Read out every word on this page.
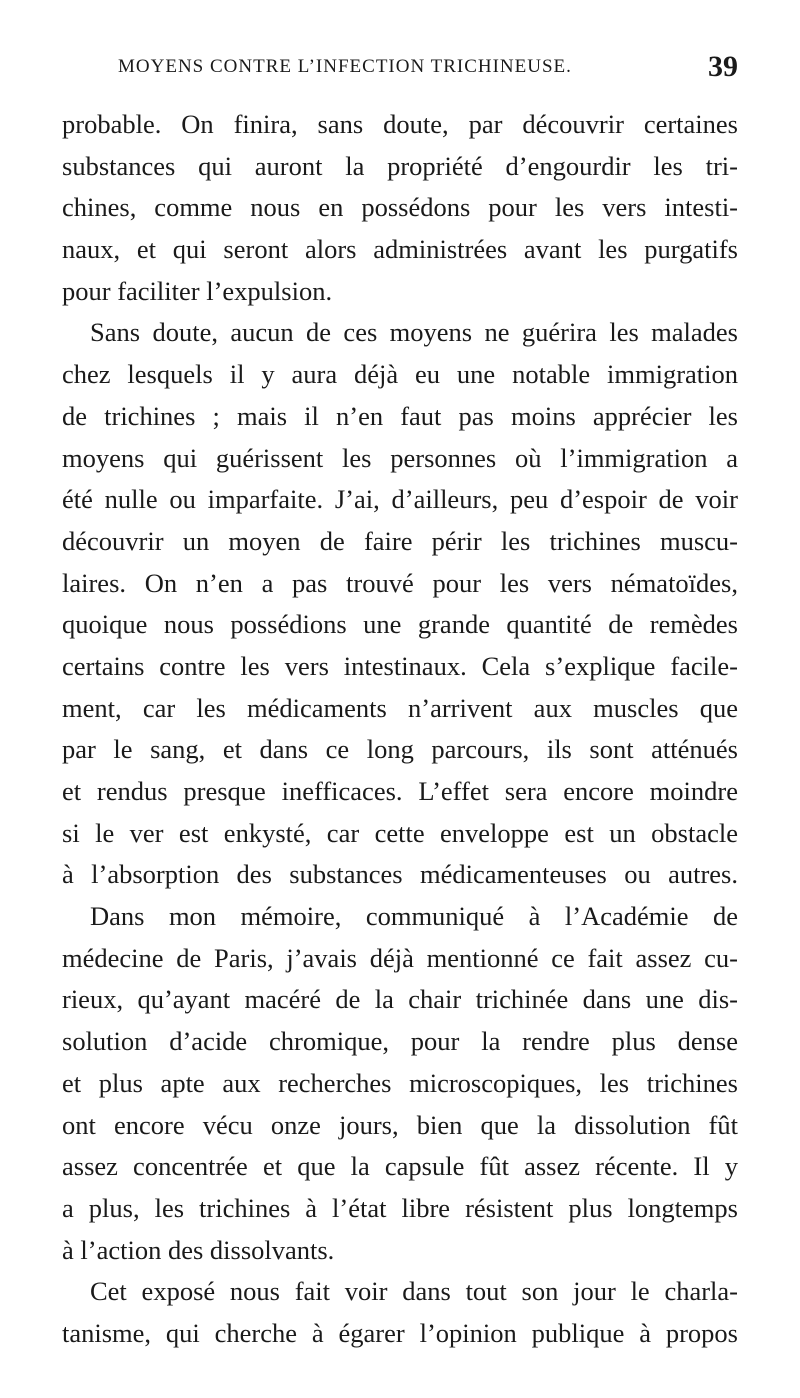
MOYENS CONTRE L’INFECTION TRICHINEUSE.	39
probable. On finira, sans doute, par découvrir certaines
substances qui auront la propriété d’engourdir les tri-
chines, comme nous en possédons pour les vers intesti-
naux, et qui seront alors administrées avant les purgatifs
pour faciliter l’expulsion.
Sans doute, aucun de ces moyens ne guérira les malades
chez lesquels il y aura déjà eu une notable immigration
de trichines ; mais il n’en faut pas moins apprécier les
moyens qui guérissent les personnes où l’immigration a
été nulle ou imparfaite. J’ai, d’ailleurs, peu d’espoir de voir
découvrir un moyen de faire périr les trichines muscu-
laires. On n’en a pas trouvé pour les vers nématoïdes,
quoique nous possédions une grande quantité de remèdes
certains contre les vers intestinaux. Cela s’explique facile-
ment, car les médicaments n’arrivent aux muscles que
par le sang, et dans ce long parcours, ils sont atténués
et rendus presque inefficaces. L’effet sera encore moindre
si le ver est enkysté, car cette enveloppe est un obstacle
à l’absorption des substances médicamenteuses ou autres.
Dans mon mémoire, communiqué à l’Académie de
médecine de Paris, j’avais déjà mentionné ce fait assez cu-
rieux, qu’ayant macéré de la chair trichinée dans une dis-
solution d’acide chromique, pour la rendre plus dense
et plus apte aux recherches microscopiques, les trichines
ont encore vécu onze jours, bien que la dissolution fût
assez concentrée et que la capsule fût assez récente. Il y
a plus, les trichines à l’état libre résistent plus longtemps
à l’action des dissolvants.
Cet exposé nous fait voir dans tout son jour le charla-
tanisme, qui cherche à égarer l’opinion publique à propos
